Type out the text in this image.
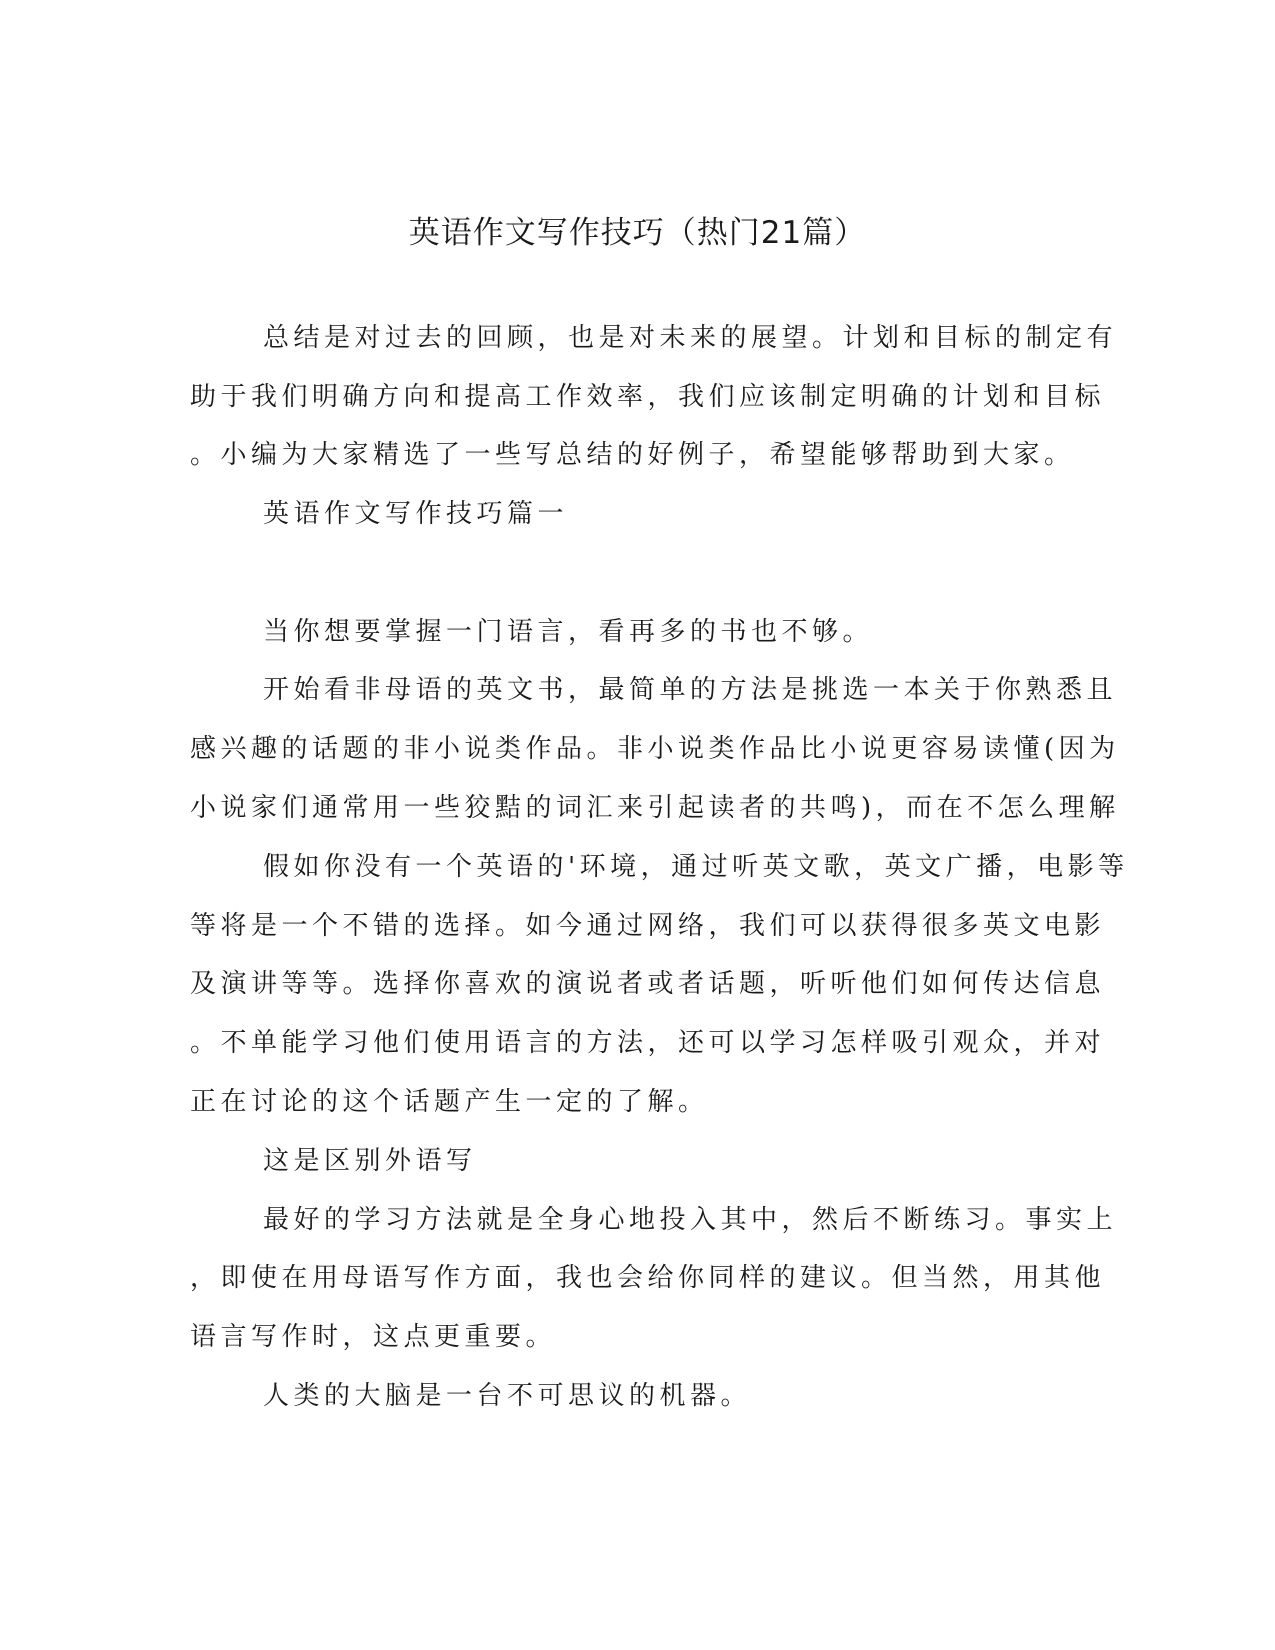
英语作文写作技巧（热门21篇）
总结是对过去的回顾，也是对未来的展望。计划和目标的制定有
助于我们明确方向和提高工作效率，我们应该制定明确的计划和目标
。小编为大家精选了一些写总结的好例子，希望能够帮助到大家。
英语作文写作技巧篇一
当你想要掌握一门语言，看再多的书也不够。
开始看非母语的英文书，最简单的方法是挑选一本关于你熟悉且
感兴趣的话题的非小说类作品。非小说类作品比小说更容易读懂(因为
小说家们通常用一些狡黠的词汇来引起读者的共鸣)，而在不怎么理解
假如你没有一个英语的'环境，通过听英文歌，英文广播，电影等
等将是一个不错的选择。如今通过网络，我们可以获得很多英文电影
及演讲等等。选择你喜欢的演说者或者话题，听听他们如何传达信息
。不单能学习他们使用语言的方法，还可以学习怎样吸引观众，并对
正在讨论的这个话题产生一定的了解。
这是区别外语写
最好的学习方法就是全身心地投入其中，然后不断练习。事实上
，即使在用母语写作方面，我也会给你同样的建议。但当然，用其他
语言写作时，这点更重要。
人类的大脑是一台不可思议的机器。
